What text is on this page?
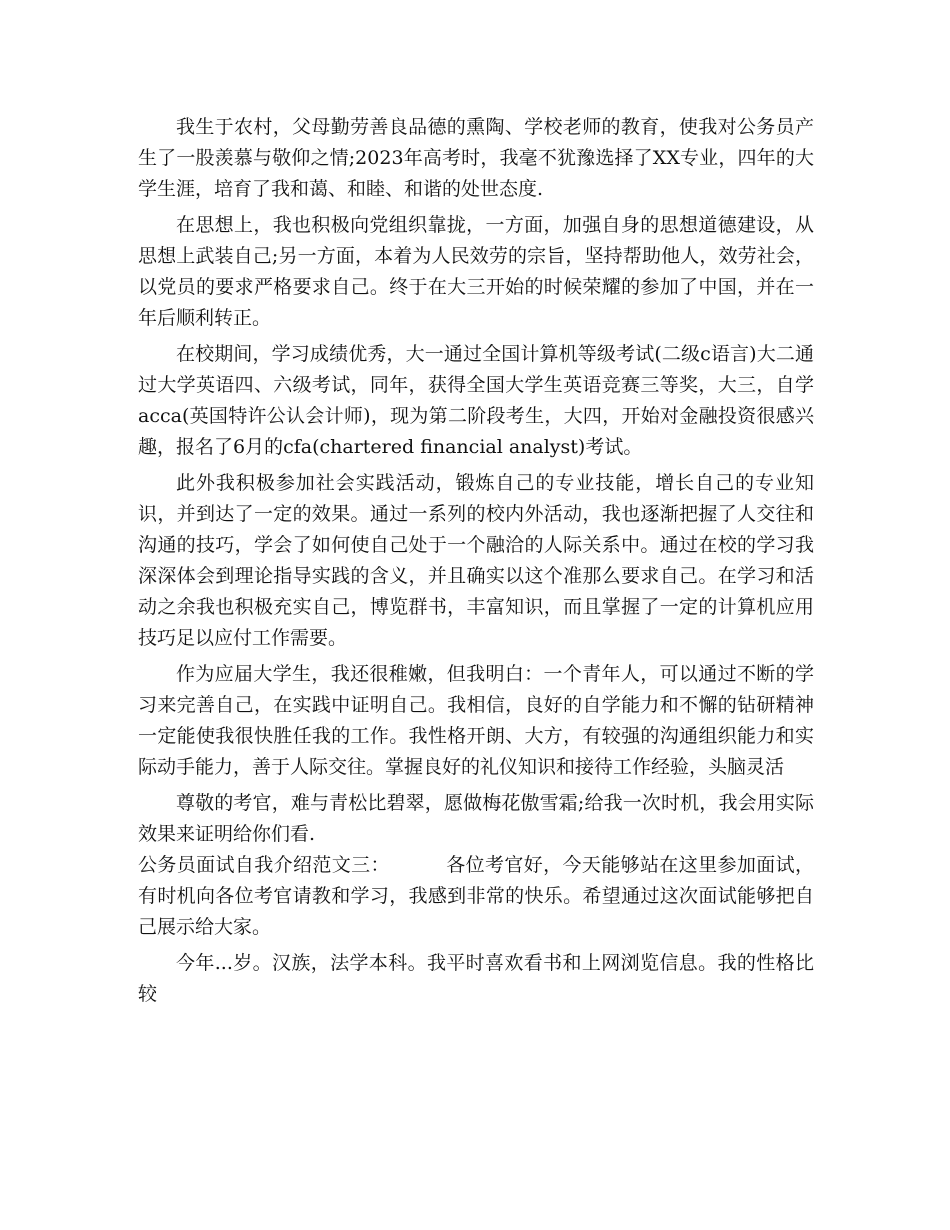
我生于农村，父母勤劳善良品德的熏陶、学校老师的教育，使我对公务员产生了一股羡慕与敬仰之情;2023年高考时，我毫不犹豫选择了XX专业，四年的大学生涯，培育了我和蔼、和睦、和谐的处世态度.

在思想上，我也积极向党组织靠拢，一方面，加强自身的思想道德建设，从思想上武装自己;另一方面，本着为人民效劳的宗旨，坚持帮助他人，效劳社会，以党员的要求严格要求自己。终于在大三开始的时候荣耀的参加了中国，并在一年后顺利转正。

在校期间，学习成绩优秀，大一通过全国计算机等级考试(二级c语言)大二通过大学英语四、六级考试，同年，获得全国大学生英语竞赛三等奖，大三，自学acca(英国特许公认会计师)，现为第二阶段考生，大四，开始对金融投资很感兴趣，报名了6月的cfa(chartered financial analyst)考试。

此外我积极参加社会实践活动，锻炼自己的专业技能，增长自己的专业知识，并到达了一定的效果。通过一系列的校内外活动，我也逐渐把握了人交往和沟通的技巧，学会了如何使自己处于一个融洽的人际关系中。通过在校的学习我深深体会到理论指导实践的含义，并且确实以这个准那么要求自己。在学习和活动之余我也积极充实自己，博览群书，丰富知识，而且掌握了一定的计算机应用技巧足以应付工作需要。

作为应届大学生，我还很稚嫩，但我明白：一个青年人，可以通过不断的学习来完善自己，在实践中证明自己。我相信，良好的自学能力和不懈的钻研精神一定能使我很快胜任我的工作。我性格开朗、大方，有较强的沟通组织能力和实际动手能力，善于人际交往。掌握良好的礼仪知识和接待工作经验，头脑灵活

尊敬的考官，难与青松比碧翠，愿做梅花傲雪霜;给我一次时机，我会用实际效果来证明给你们看.

公务员面试自我介绍范文三：	各位考官好，今天能够站在这里参加面试，有时机向各位考官请教和学习，我感到非常的快乐。希望通过这次面试能够把自己展示给大家。

今年...岁。汉族，法学本科。我平时喜欢看书和上网浏览信息。我的性格比较
